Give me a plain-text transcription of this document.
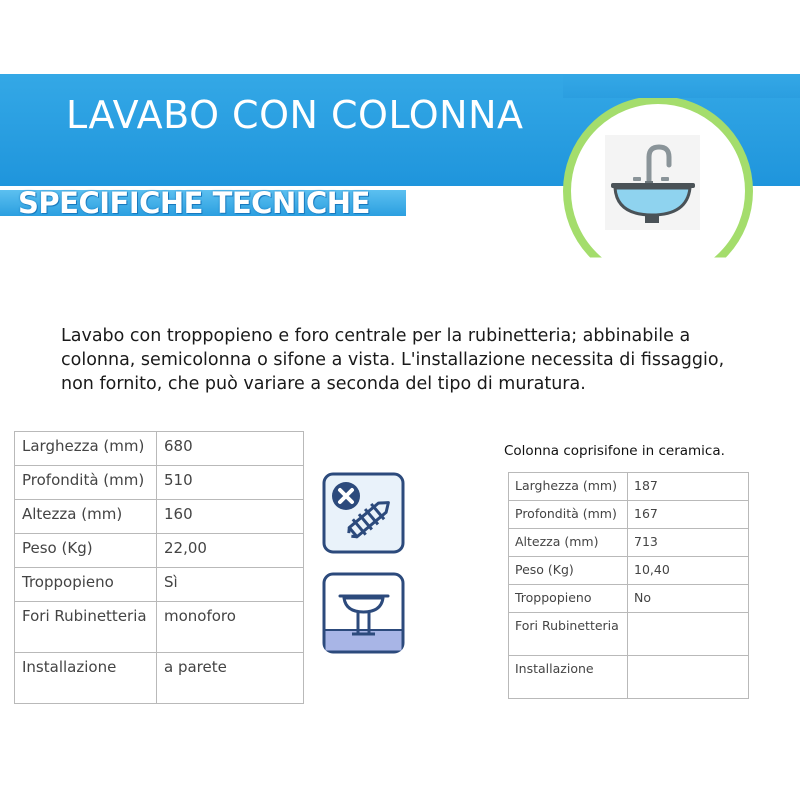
LAVABO CON COLONNA
SPECIFICHE TECNICHE
Lavabo con troppopieno e foro centrale per la rubinetteria; abbinabile a colonna, semicolonna o sifone a vista. L'installazione necessita di fissaggio, non fornito, che può variare a seconda del tipo di muratura.
Larghezza (mm)	680
Profondità (mm)	510
Altezza (mm)	160
Peso (Kg)	22,00
Troppopieno	Sì
Fori Rubinetteria	monoforo
Installazione	a parete
Colonna coprisifone in ceramica.
Larghezza (mm)	187
Profondità (mm)	167
Altezza (mm)	713
Peso (Kg)	10,40
Troppopieno	No
Fori Rubinetteria	
Installazione	
